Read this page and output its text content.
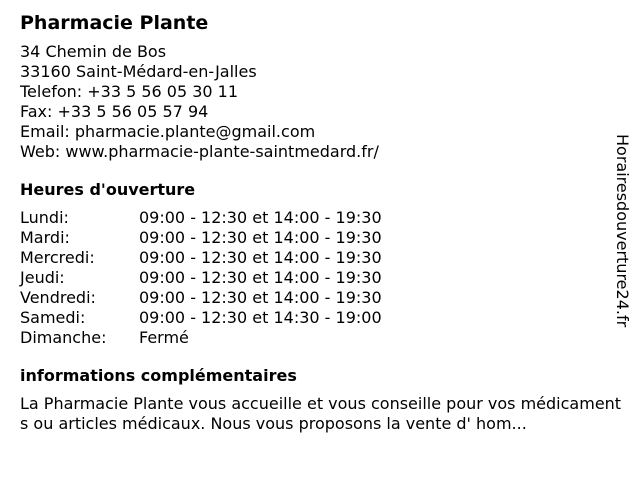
Pharmacie Plante
34 Chemin de Bos
33160 Saint-Médard-en-Jalles
Telefon: +33 5 56 05 30 11
Fax: +33 5 56 05 57 94
Email: pharmacie.plante@gmail.com
Web: www.pharmacie-plante-saintmedard.fr/
Heures d'ouverture
Lundi:	09:00 - 12:30 et 14:00 - 19:30
Mardi:	09:00 - 12:30 et 14:00 - 19:30
Mercredi:	09:00 - 12:30 et 14:00 - 19:30
Jeudi:	09:00 - 12:30 et 14:00 - 19:30
Vendredi:	09:00 - 12:30 et 14:00 - 19:30
Samedi:	09:00 - 12:30 et 14:30 - 19:00
Dimanche:	Fermé
informations complémentaires
La Pharmacie Plante vous accueille et vous conseille pour vos médicaments ou articles médicaux. Nous vous proposons la vente d' hom...
Horairesdouverture24.fr
